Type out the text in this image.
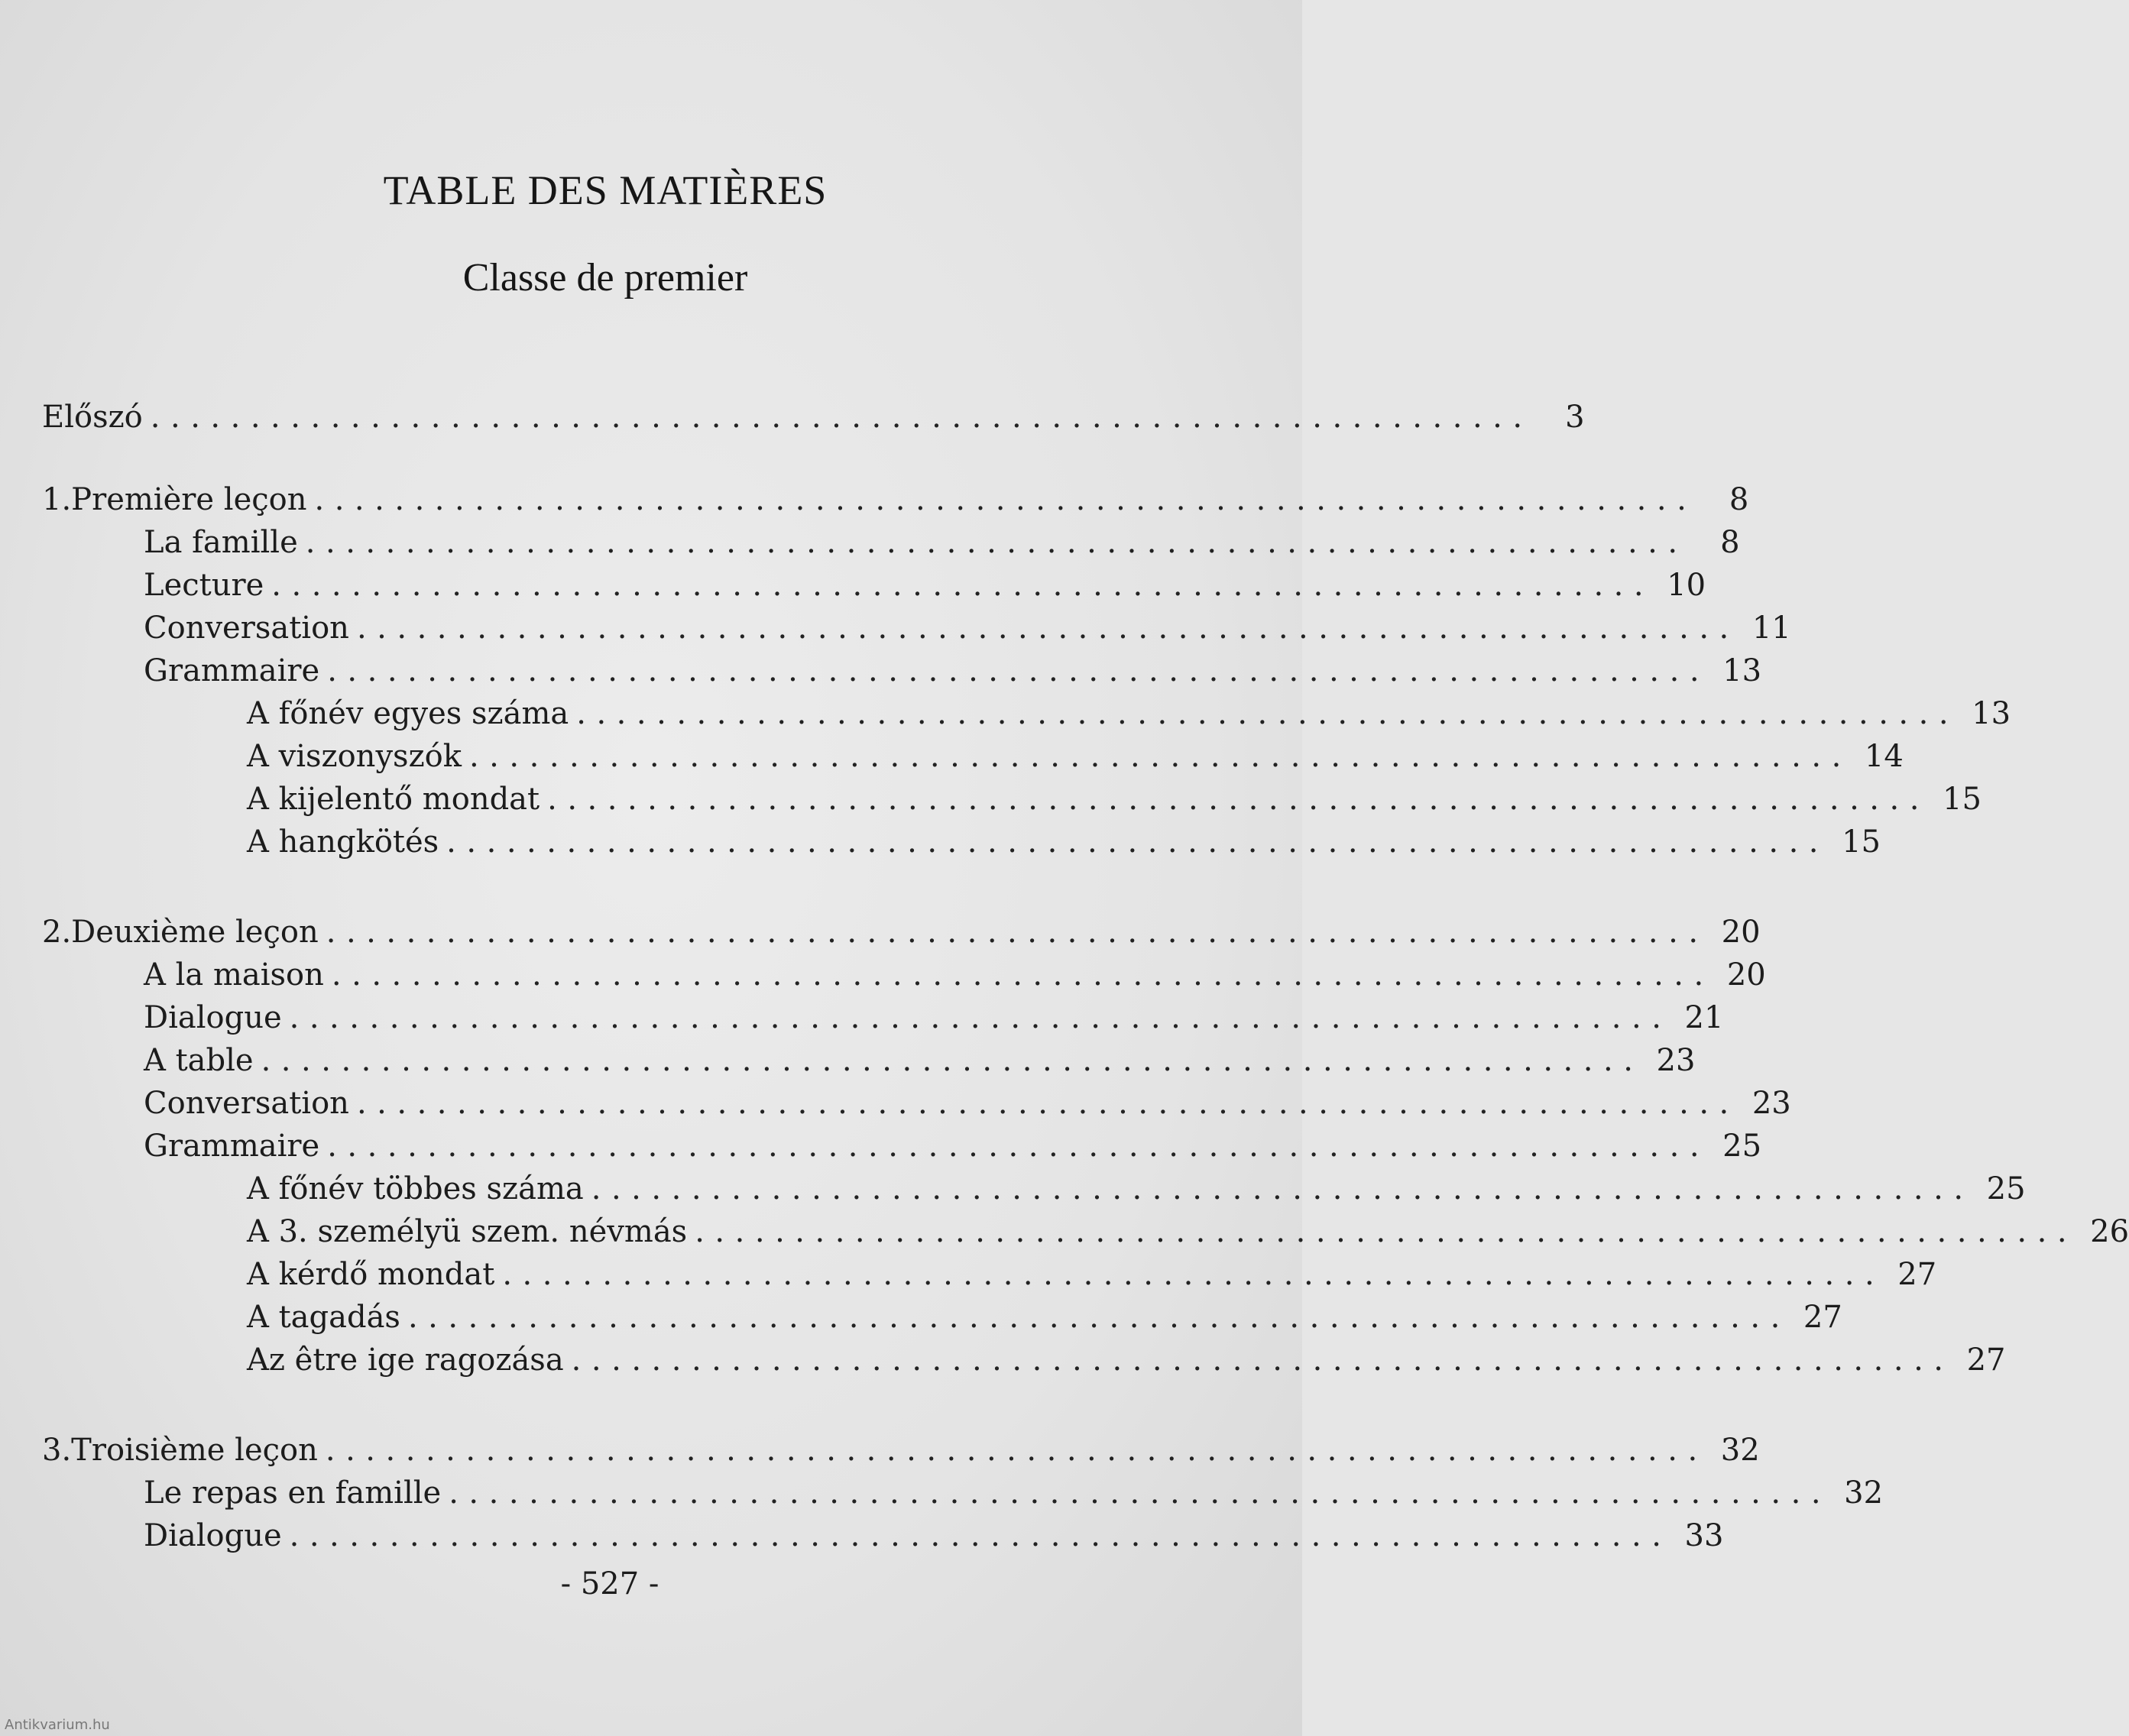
TABLE DES MATIÈRES
Classe de premier
Előszó .....................................................................	3
1. Première leçon .....................................................................	8
La famille .....................................................................	8
Lecture ..................................................................... 10
Conversation ..................................................................... 11
Grammaire ..................................................................... 13
A főnév egyes száma ..................................................................... 13
A viszonyszók ..................................................................... 14
A kijelentő mondat ..................................................................... 15
A hangkötés ..................................................................... 15
2. Deuxième leçon ..................................................................... 20
A la maison ..................................................................... 20
Dialogue ..................................................................... 21
A table ..................................................................... 23
Conversation ..................................................................... 23
Grammaire ..................................................................... 25
A főnév többes száma ..................................................................... 25
A 3. személyü szem. névmás ..................................................................... 26
A kérdő mondat ..................................................................... 27
A tagadás ..................................................................... 27
Az être ige ragozása ..................................................................... 27
3. Troisième leçon ..................................................................... 32
Le repas en famille ..................................................................... 32
Dialogue ..................................................................... 33
- 527 -
Antikvarium.hu
